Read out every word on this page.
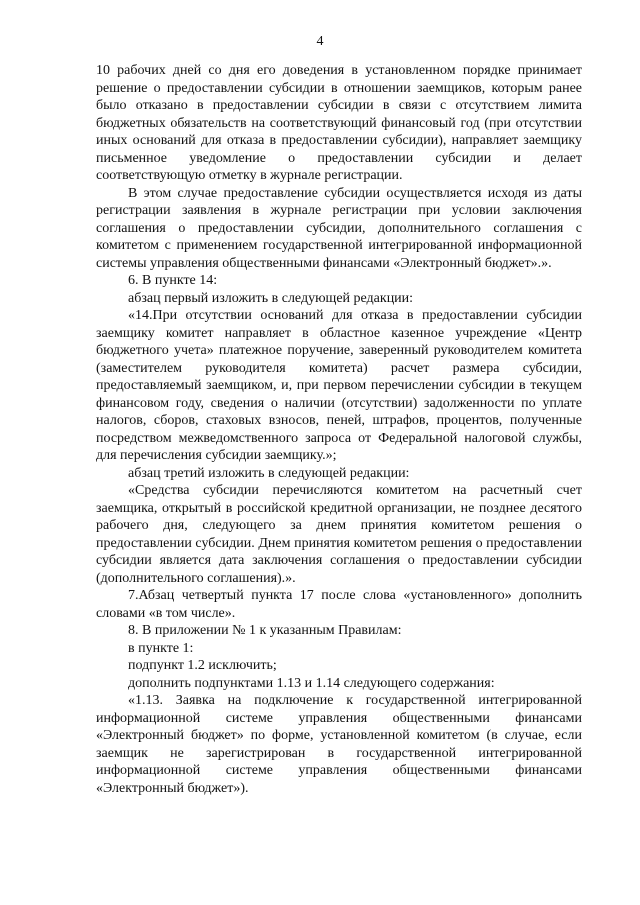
4

10 рабочих дней со дня его доведения в установленном порядке принимает решение о предоставлении субсидии в отношении заемщиков, которым ранее было отказано в предоставлении субсидии в связи с отсутствием лимита бюджетных обязательств на соответствующий финансовый год (при отсутствии иных оснований для отказа в предоставлении субсидии), направляет заемщику письменное уведомление о предоставлении субсидии и делает соответствующую отметку в журнале регистрации.

В этом случае предоставление субсидии осуществляется исходя из даты регистрации заявления в журнале регистрации при условии заключения соглашения о предоставлении субсидии, дополнительного соглашения с комитетом с применением государственной интегрированной информационной системы управления общественными финансами «Электронный бюджет».».

6. В пункте 14:

абзац первый изложить в следующей редакции:

«14.При отсутствии оснований для отказа в предоставлении субсидии заемщику комитет направляет в областное казенное учреждение «Центр бюджетного учета» платежное поручение, заверенный руководителем комитета (заместителем руководителя комитета) расчет размера субсидии, предоставляемый заемщиком, и, при первом перечислении субсидии в текущем финансовом году, сведения о наличии (отсутствии) задолженности по уплате налогов, сборов, стаховых взносов, пеней, штрафов, процентов, полученные посредством межведомственного запроса от Федеральной налоговой службы, для перечисления субсидии заемщику.»;

абзац третий изложить в следующей редакции:

«Средства субсидии перечисляются комитетом на расчетный счет заемщика, открытый в российской кредитной организации, не позднее десятого рабочего дня, следующего за днем принятия комитетом решения о предоставлении субсидии. Днем принятия комитетом решения о предоставлении субсидии является дата заключения соглашения о предоставлении субсидии (дополнительного соглашения).».

7.Абзац четвертый пункта 17 после слова «установленного» дополнить словами «в том числе».

8. В приложении № 1 к указанным Правилам:

в пункте 1:

подпункт 1.2 исключить;

дополнить подпунктами 1.13 и 1.14 следующего содержания:

«1.13. Заявка на подключение к государственной интегрированной информационной системе управления общественными финансами «Электронный бюджет» по форме, установленной комитетом (в случае, если заемщик не зарегистрирован в государственной интегрированной информационной системе управления общественными финансами «Электронный бюджет»).
